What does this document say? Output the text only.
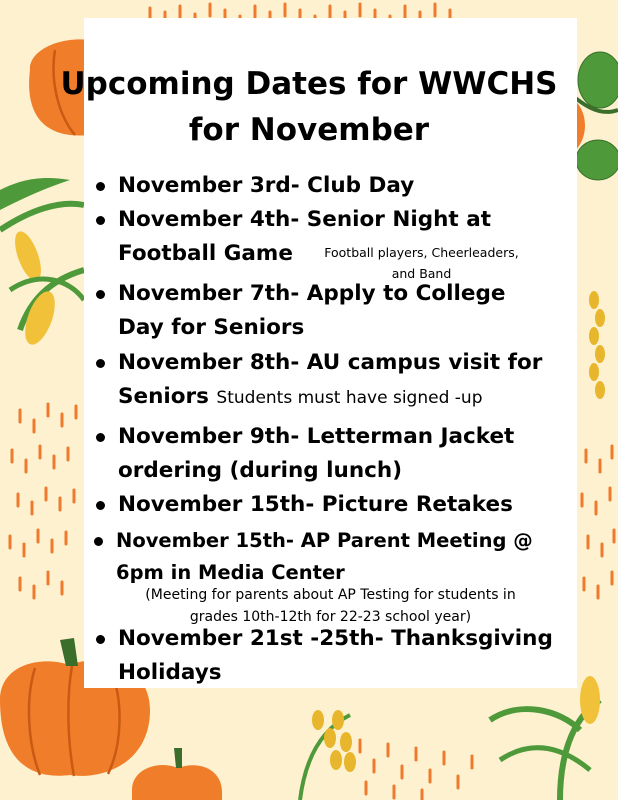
Upcoming Dates for WWCHS
for November
November 3rd- Club Day
November 4th- Senior Night at
Football Game	Football players, Cheerleaders, and Band
November 7th- Apply to College
Day for Seniors
November 8th- AU campus visit for
Seniors Students must have signed -up
November 9th- Letterman Jacket
ordering (during lunch)
November 15th- Picture Retakes
November 15th- AP Parent Meeting @
6pm in Media Center
(Meeting for parents about AP Testing for students in
grades 10th-12th for 22-23 school year)
November 21st -25th- Thanksgiving
Holidays
